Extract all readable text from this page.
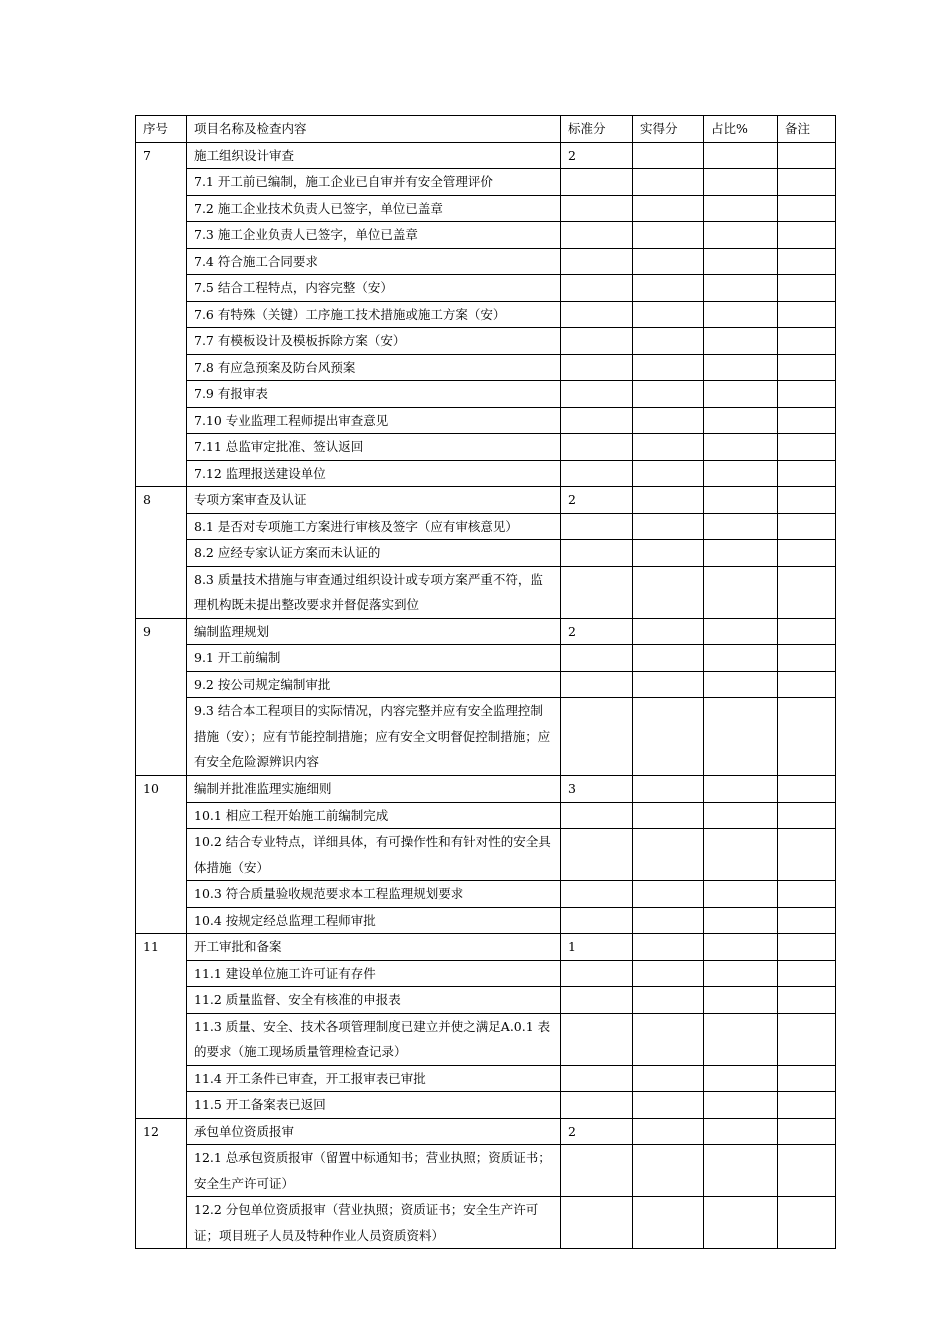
序号	项目名称及检查内容	标准分	实得分	占比%	备注
7	施工组织设计审查	2			
	7.1 开工前已编制，施工企业已自审并有安全管理评价				
	7.2 施工企业技术负责人已签字，单位已盖章				
	7.3 施工企业负责人已签字，单位已盖章				
	7.4 符合施工合同要求				
	7.5 结合工程特点，内容完整（安）				
	7.6 有特殊（关键）工序施工技术措施或施工方案（安）				
	7.7 有模板设计及模板拆除方案（安）				
	7.8 有应急预案及防台风预案				
	7.9 有报审表				
	7.10 专业监理工程师提出审查意见				
	7.11 总监审定批准、签认返回				
	7.12 监理报送建设单位				
8	专项方案审查及认证	2			
	8.1 是否对专项施工方案进行审核及签字（应有审核意见）				
	8.2 应经专家认证方案而未认证的				
	8.3 质量技术措施与审查通过组织设计或专项方案严重不符，监理机构既未提出整改要求并督促落实到位				
9	编制监理规划	2			
	9.1 开工前编制				
	9.2 按公司规定编制审批				
	9.3 结合本工程项目的实际情况，内容完整并应有安全监理控制措施（安）；应有节能控制措施；应有安全文明督促控制措施；应有安全危险源辨识内容				
10	编制并批准监理实施细则	3			
	10.1 相应工程开始施工前编制完成				
	10.2 结合专业特点，详细具体，有可操作性和有针对性的安全具体措施（安）				
	10.3 符合质量验收规范要求本工程监理规划要求				
	10.4 按规定经总监理工程师审批				
11	开工审批和备案	1			
	11.1 建设单位施工许可证有存件				
	11.2 质量监督、安全有核准的申报表				
	11.3 质量、安全、技术各项管理制度已建立并使之满足A.0.1 表的要求（施工现场质量管理检查记录）				
	11.4 开工条件已审查，开工报审表已审批				
	11.5 开工备案表已返回				
12	承包单位资质报审	2			
	12.1 总承包资质报审（留置中标通知书；营业执照；资质证书；安全生产许可证）				
	12.2 分包单位资质报审（营业执照；资质证书；安全生产许可证；项目班子人员及特种作业人员资质资料）				
